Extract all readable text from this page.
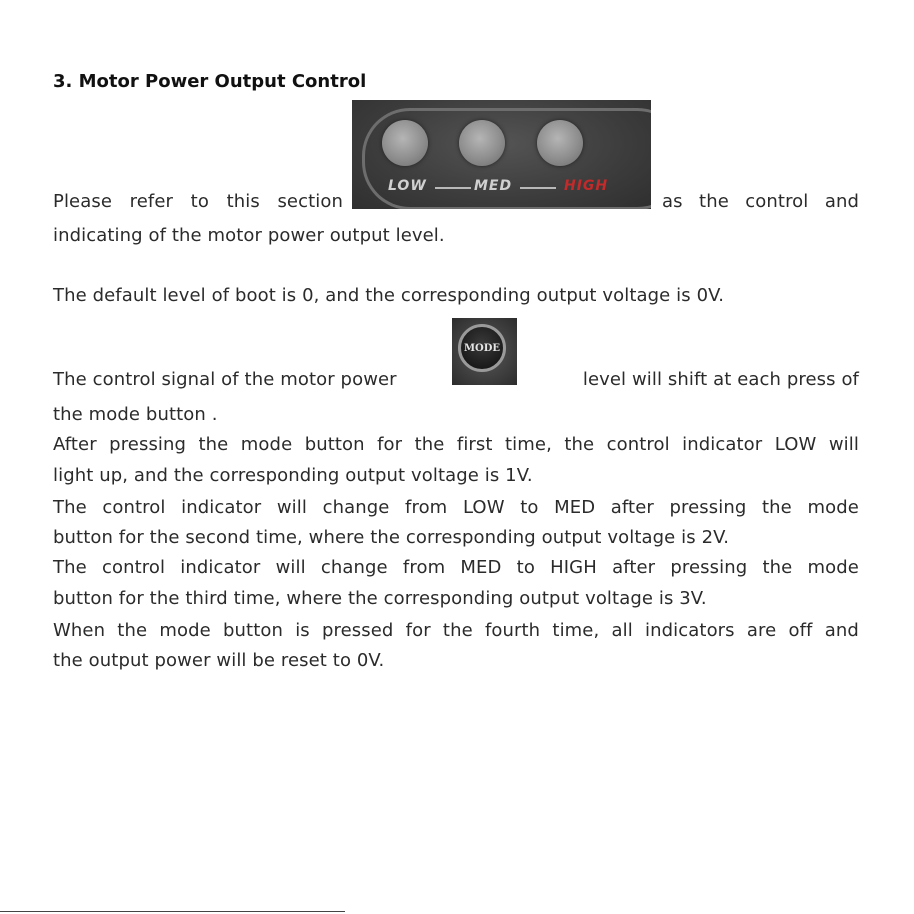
3. Motor Power Output Control
LOW	MED	HIGH
Please refer to this section	as the control and
indicating of the motor power output level.
The default level of boot is 0, and the corresponding output voltage is 0V.
MODE
The control signal of the motor power	level will shift at each press of
the mode button .
After pressing the mode button for the first time, the control indicator LOW will
light up, and the corresponding output voltage is 1V.
The control indicator will change from LOW to MED after pressing the mode
button for the second time, where the corresponding output voltage is 2V.
The control indicator will change from MED to HIGH after pressing the mode
button for the third time, where the corresponding output voltage is 3V.
When the mode button is pressed for the fourth time, all indicators are off and
the output power will be reset to 0V.
